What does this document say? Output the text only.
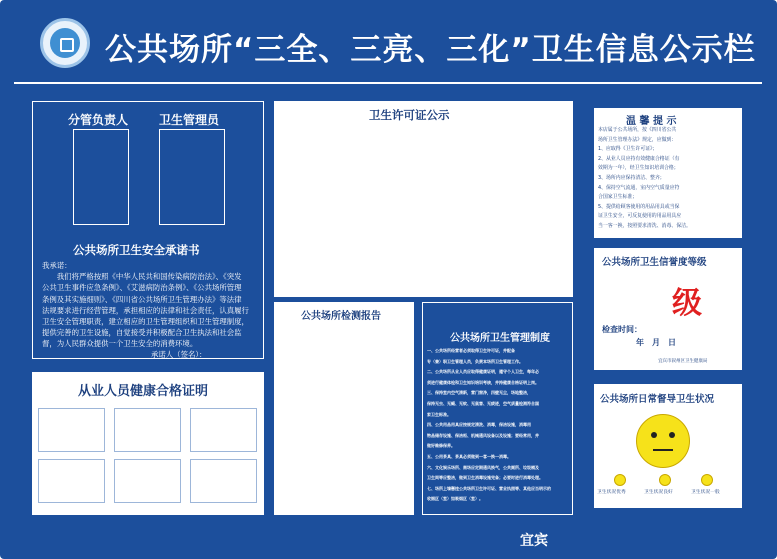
公共场所“三全、三亮、三化”卫生信息公示栏
分管负责人	卫生管理员
公共场所卫生安全承诺书
我承诺：
　　我们将严格按照《中华人民共和国传染病防治法》、《突发
公共卫生事件应急条例》、《艾滋病防治条例》、《公共场所管理
条例及其实施细则》、《四川省公共场所卫生管理办法》等法律
法规要求进行经营管理，承担相应的法律和社会责任，认真履行
卫生安全管理职责，建立相应的卫生管理组织和卫生管理制度，
提供完善的卫生设施，自觉接受并积极配合卫生执法和社会监
督，为人民群众提供一个卫生安全的消费环境。
承诺人（签名）：
从业人员健康合格证明
卫生许可证公示
公共场所检测报告
公共场所卫生管理制度
一、公共场所经营者必须取得卫生许可证，并配备
专（兼）职卫生管理人员，负责本场所卫生管理工作。
二、公共场所从业人员应取得健康证明，遵守个人卫生，每年必
须进行健康体检和卫生知识培训考核，并持健康合格证明上岗。
三、保持室内空气清新，营门窗净，四壁无尘，场地整洁，
保持无虫、无蝇、无蚊、无鼠害、无痰迹，空气质量检测符合国
家卫生标准。
四、公共用品用具应按规定清洗、消毒，保洁设施，消毒用
物品储存设施、保洁柜、机械通风设备以及设施；要经常用，并
做好维修保养。
五、公用茶具、茶具必须做到一客一换一消毒。
六、文化娱乐场所、商场应定期通风换气，公共厕所、垃圾桶及
卫生间等应整洁，做到卫生消毒设施完备；必要时进行消毒处理。
七、场所上墙懸挂公共场所卫生许可证、营业执照等、其他应当明示的
收据区（室）如吸烟区（室）。
温 馨 提 示
本店属于公共场所，按《四川省公共
场所卫生管理办法》规定，应做到：
1、应取得《卫生许可证》；
2、从业人员应持有效健康合格证（有
效期为一年），经卫生知识培训合格；
3、场所内应保持清洁、整齐；
4、保持空气流通，室内空气质量应符
合国家卫生标准；
5、提供给顾客使用的用品用具或当保
证卫生安全，可反复使用的用品用具应
当一客一换，按照要求清洗、消毒、保洁。
公共场所卫生信誉度等级
级
检查时间：
年　月　日
宜宾市叙州区卫生健康局
公共场所日常督导卫生状况
卫生状况优秀	卫生状况良好	卫生状况一般
宜宾
